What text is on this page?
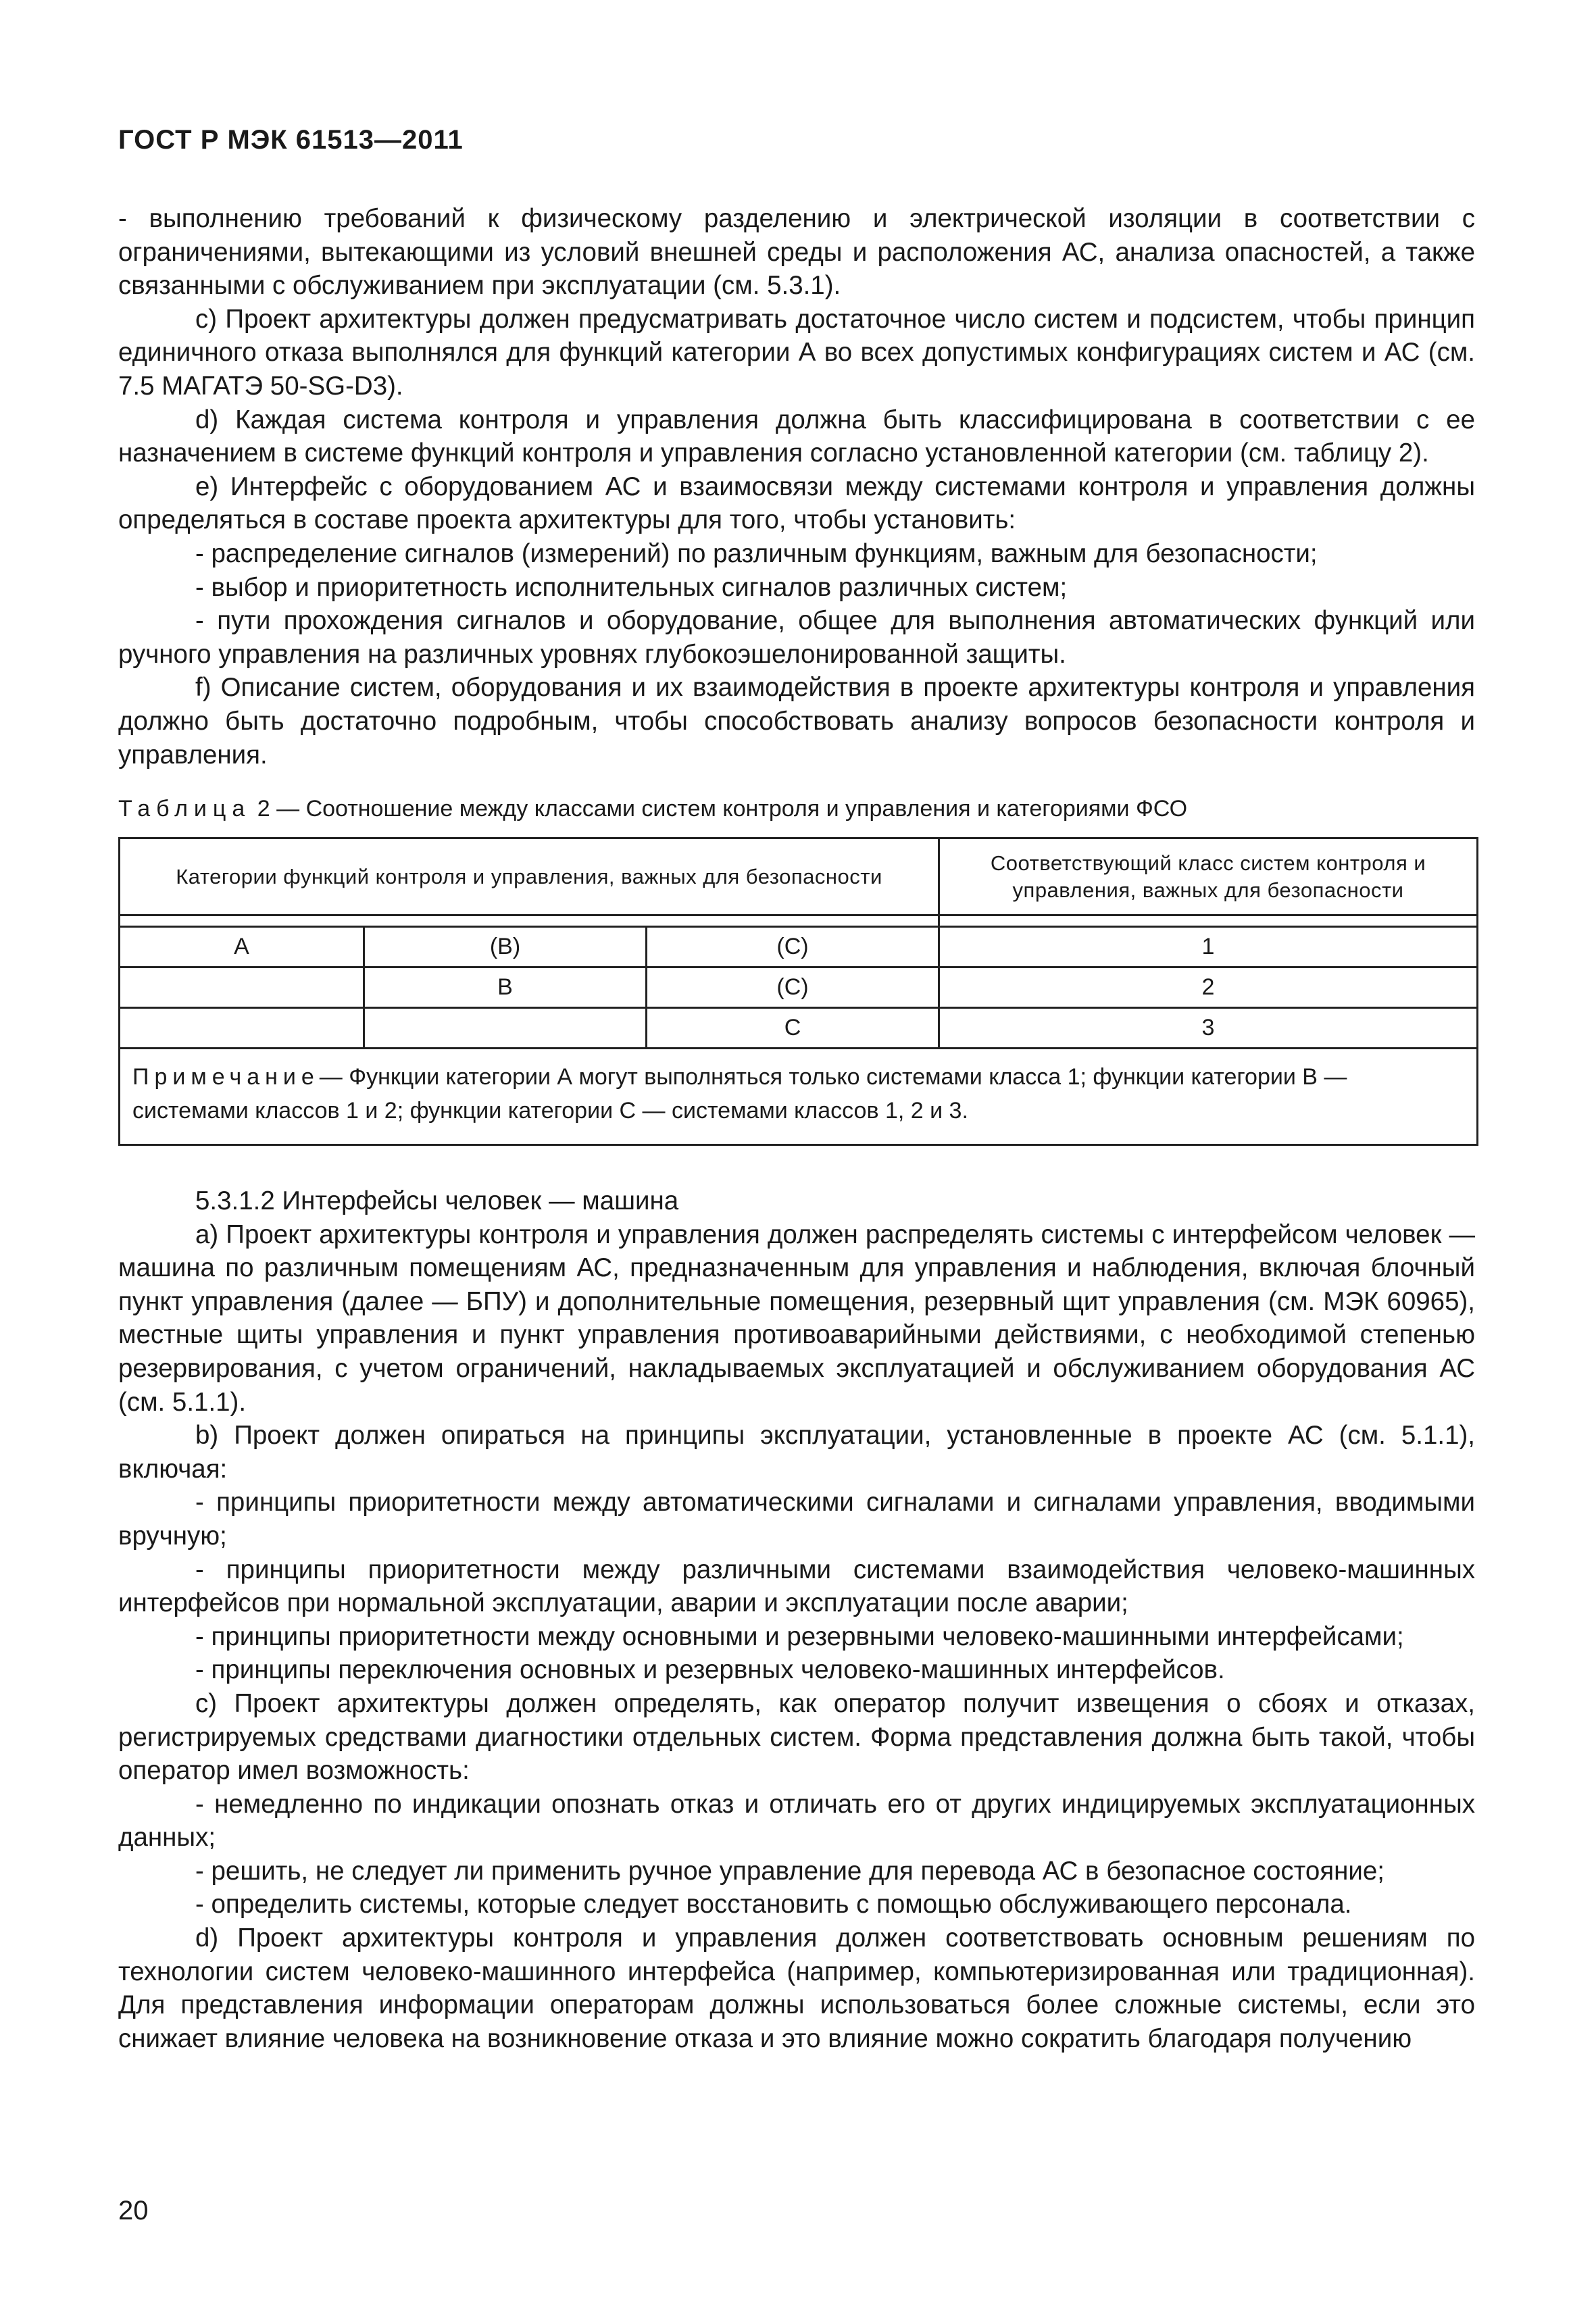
ГОСТ Р МЭК 61513—2011

- выполнению требований к физическому разделению и электрической изоляции в соответствии с ограничениями, вытекающими из условий внешней среды и расположения АС, анализа опасностей, а также связанными с обслуживанием при эксплуатации (см. 5.3.1).

c) Проект архитектуры должен предусматривать достаточное число систем и подсистем, чтобы принцип единичного отказа выполнялся для функций категории А во всех допустимых конфигурациях систем и АС (см. 7.5 МАГАТЭ 50-SG-D3).

d) Каждая система контроля и управления должна быть классифицирована в соответствии с ее назначением в системе функций контроля и управления согласно установленной категории (см. таблицу 2).

e) Интерфейс с оборудованием АС и взаимосвязи между системами контроля и управления должны определяться в составе проекта архитектуры для того, чтобы установить:

- распределение сигналов (измерений) по различным функциям, важным для безопасности;

- выбор и приоритетность исполнительных сигналов различных систем;

- пути прохождения сигналов и оборудование, общее для выполнения автоматических функций или ручного управления на различных уровнях глубокоэшелонированной защиты.

f) Описание систем, оборудования и их взаимодействия в проекте архитектуры контроля и управления должно быть достаточно подробным, чтобы способствовать анализу вопросов безопасности контроля и управления.

Таблица 2 — Соотношение между классами систем контроля и управления и категориями ФСО
Категории функций контроля и управления, важных для безопасности			Соответствующий класс систем контроля и управления, важных для безопасности

A	(B)	(C)	1
	B	(C)	2
		C	3
Примечание— Функции категории А могут выполняться только системами класса 1; функции категории В — системами классов 1 и 2; функции категории С — системами классов 1, 2 и 3.			

5.3.1.2 Интерфейсы человек — машина

a) Проект архитектуры контроля и управления должен распределять системы с интерфейсом человек — машина по различным помещениям АС, предназначенным для управления и наблюдения, включая блочный пункт управления (далее — БПУ) и дополнительные помещения, резервный щит управления (см. МЭК 60965), местные щиты управления и пункт управления противоаварийными действиями, с необходимой степенью резервирования, с учетом ограничений, накладываемых эксплуатацией и обслуживанием оборудования АС (см. 5.1.1).

b) Проект должен опираться на принципы эксплуатации, установленные в проекте АС (см. 5.1.1), включая:

- принципы приоритетности между автоматическими сигналами и сигналами управления, вводимыми вручную;

- принципы приоритетности между различными системами взаимодействия человеко-машинных интерфейсов при нормальной эксплуатации, аварии и эксплуатации после аварии;

- принципы приоритетности между основными и резервными человеко-машинными интерфейсами;

- принципы переключения основных и резервных человеко-машинных интерфейсов.

c) Проект архитектуры должен определять, как оператор получит извещения о сбоях и отказах, регистрируемых средствами диагностики отдельных систем. Форма представления должна быть такой, чтобы оператор имел возможность:

- немедленно по индикации опознать отказ и отличать его от других индицируемых эксплуатационных данных;

- решить, не следует ли применить ручное управление для перевода АС в безопасное состояние;

- определить системы, которые следует восстановить с помощью обслуживающего персонала.

d) Проект архитектуры контроля и управления должен соответствовать основным решениям по технологии систем человеко-машинного интерфейса (например, компьютеризированная или традиционная). Для представления информации операторам должны использоваться более сложные системы, если это снижает влияние человека на возникновение отказа и это влияние можно сократить благодаря получению

20
